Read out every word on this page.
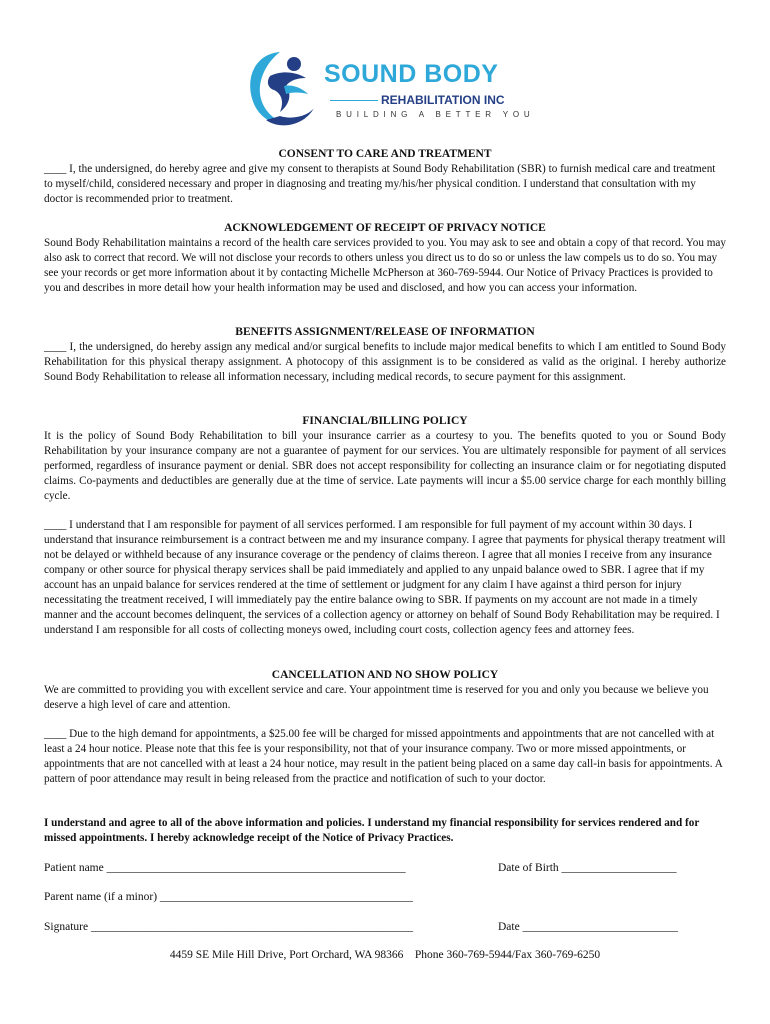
SOUND BODY
REHABILITATION INC
BUILDING A BETTER YOU
CONSENT TO CARE AND TREATMENT

____ I, the undersigned, do hereby agree and give my consent to therapists at Sound Body Rehabilitation (SBR) to furnish medical care and treatment to myself/child, considered necessary and proper in diagnosing and treating my/his/her physical condition. I understand that consultation with my doctor is recommended prior to treatment.

ACKNOWLEDGEMENT OF RECEIPT OF PRIVACY NOTICE

Sound Body Rehabilitation maintains a record of the health care services provided to you. You may ask to see and obtain a copy of that record. You may also ask to correct that record. We will not disclose your records to others unless you direct us to do so or unless the law compels us to do so. You may see your records or get more information about it by contacting Michelle McPherson at 360-769-5944. Our Notice of Privacy Practices is provided to you and describes in more detail how your health information may be used and disclosed, and how you can access your information.

BENEFITS ASSIGNMENT/RELEASE OF INFORMATION

____ I, the undersigned, do hereby assign any medical and/or surgical benefits to include major medical benefits to which I am entitled to Sound Body Rehabilitation for this physical therapy assignment. A photocopy of this assignment is to be considered as valid as the original. I hereby authorize Sound Body Rehabilitation to release all information necessary, including medical records, to secure payment for this assignment.

FINANCIAL/BILLING POLICY

It is the policy of Sound Body Rehabilitation to bill your insurance carrier as a courtesy to you. The benefits quoted to you or Sound Body Rehabilitation by your insurance company are not a guarantee of payment for our services. You are ultimately responsible for payment of all services performed, regardless of insurance payment or denial. SBR does not accept responsibility for collecting an insurance claim or for negotiating disputed claims. Co-payments and deductibles are generally due at the time of service. Late payments will incur a $5.00 service charge for each monthly billing cycle.

____ I understand that I am responsible for payment of all services performed. I am responsible for full payment of my account within 30 days. I understand that insurance reimbursement is a contract between me and my insurance company. I agree that payments for physical therapy treatment will not be delayed or withheld because of any insurance coverage or the pendency of claims thereon. I agree that all monies I receive from any insurance company or other source for physical therapy services shall be paid immediately and applied to any unpaid balance owed to SBR. I agree that if my account has an unpaid balance for services rendered at the time of settlement or judgment for any claim I have against a third person for injury necessitating the treatment received, I will immediately pay the entire balance owing to SBR. If payments on my account are not made in a timely manner and the account becomes delinquent, the services of a collection agency or attorney on behalf of Sound Body Rehabilitation may be required. I understand I am responsible for all costs of collecting moneys owed, including court costs, collection agency fees and attorney fees.

CANCELLATION AND NO SHOW POLICY

We are committed to providing you with excellent service and care. Your appointment time is reserved for you and only you because we believe you deserve a high level of care and attention.

____ Due to the high demand for appointments, a $25.00 fee will be charged for missed appointments and appointments that are not cancelled with at least a 24 hour notice. Please note that this fee is your responsibility, not that of your insurance company. Two or more missed appointments, or appointments that are not cancelled with at least a 24 hour notice, may result in the patient being placed on a same day call-in basis for appointments. A pattern of poor attendance may result in being released from the practice and notification of such to your doctor.

I understand and agree to all of the above information and policies. I understand my financial responsibility for services rendered and for missed appointments. I hereby acknowledge receipt of the Notice of Privacy Practices.

Patient name ____________________________________________________	Date of Birth ____________________
Parent name (if a minor) ____________________________________________
Signature ________________________________________________________	Date ___________________________
4459 SE Mile Hill Drive, Port Orchard, WA 98366    Phone 360-769-5944/Fax 360-769-6250
